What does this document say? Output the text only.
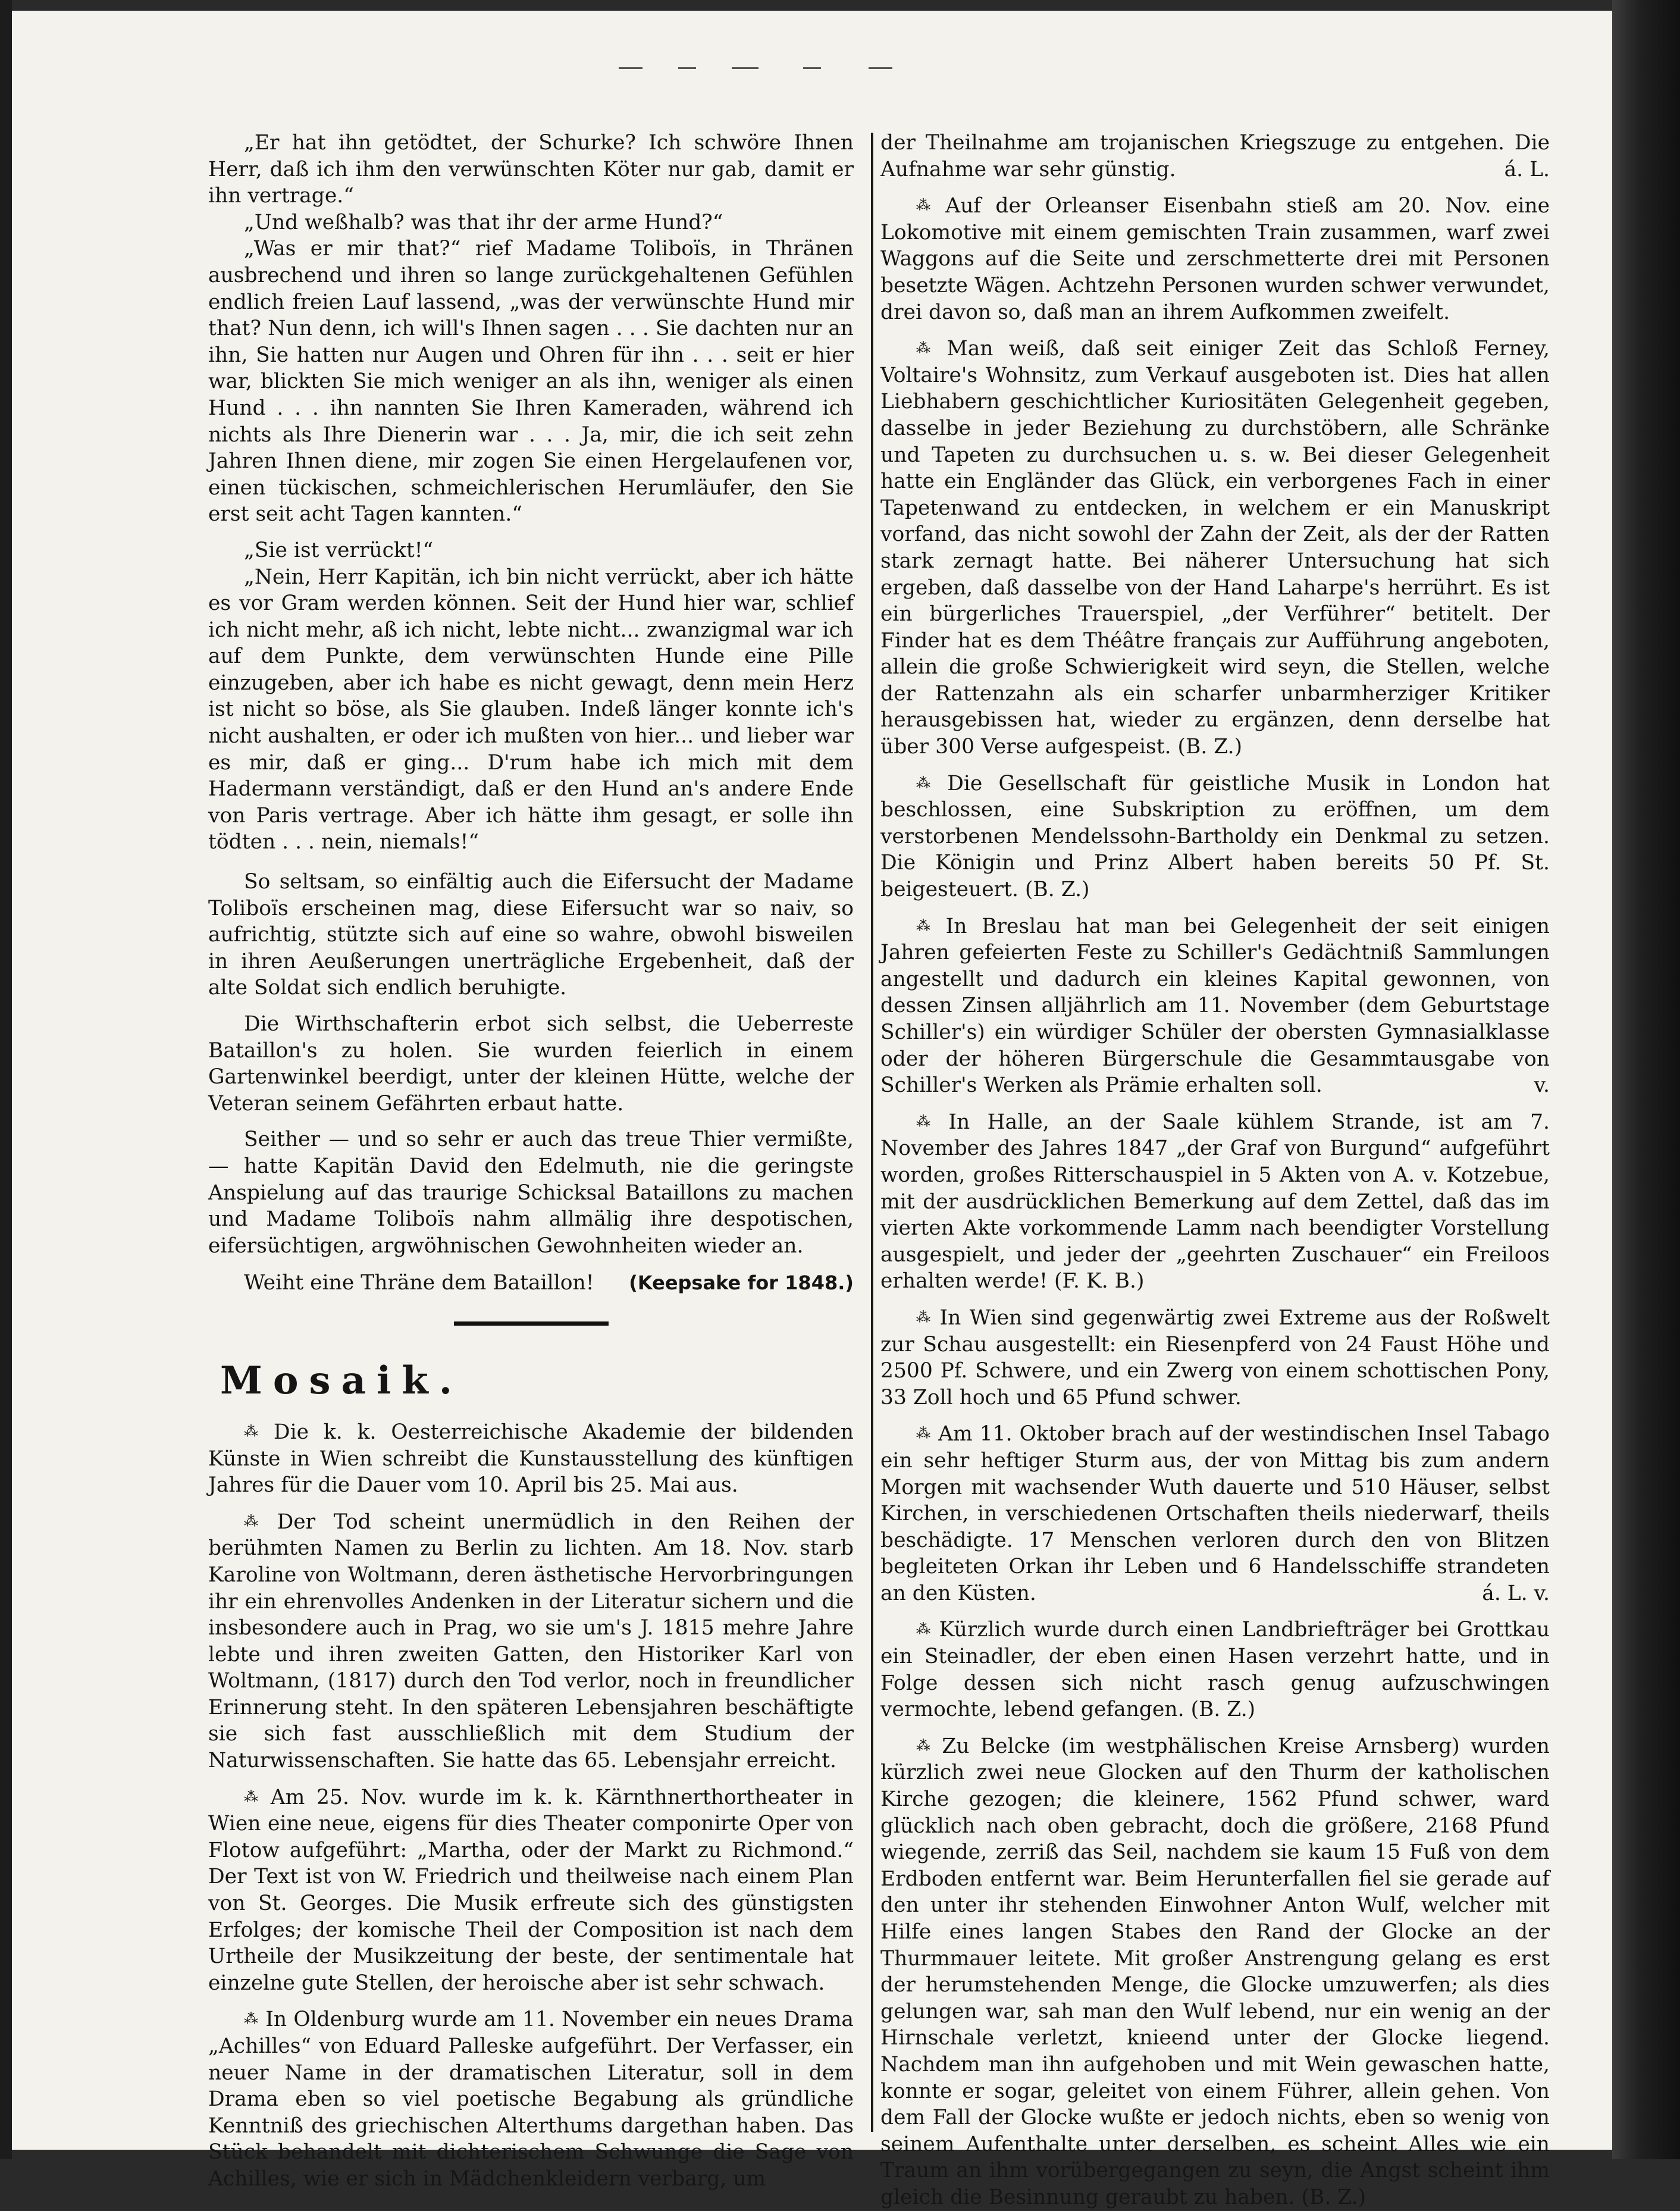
„Er hat ihn getödtet, der Schurke? Ich schwöre Ihnen Herr, daß ich ihm den verwünschten Köter nur gab, damit er ihn vertrage.“

„Und weßhalb? was that ihr der arme Hund?“

„Was er mir that?“ rief Madame Toliboïs, in Thränen ausbrechend und ihren so lange zurückgehaltenen Gefühlen endlich freien Lauf lassend, „was der verwünschte Hund mir that? Nun denn, ich will's Ihnen sagen . . . Sie dachten nur an ihn, Sie hatten nur Augen und Ohren für ihn . . . seit er hier war, blickten Sie mich weniger an als ihn, weniger als einen Hund . . . ihn nannten Sie Ihren Kameraden, während ich nichts als Ihre Dienerin war . . . Ja, mir, die ich seit zehn Jahren Ihnen diene, mir zogen Sie einen Hergelaufenen vor, einen tückischen, schmeichlerischen Herumläufer, den Sie erst seit acht Tagen kannten.“

„Sie ist verrückt!“

„Nein, Herr Kapitän, ich bin nicht verrückt, aber ich hätte es vor Gram werden können. Seit der Hund hier war, schlief ich nicht mehr, aß ich nicht, lebte nicht... zwanzigmal war ich auf dem Punkte, dem verwünschten Hunde eine Pille einzugeben, aber ich habe es nicht gewagt, denn mein Herz ist nicht so böse, als Sie glauben. Indeß länger konnte ich's nicht aushalten, er oder ich mußten von hier... und lieber war es mir, daß er ging... D'rum habe ich mich mit dem Hadermann verständigt, daß er den Hund an's andere Ende von Paris vertrage. Aber ich hätte ihm gesagt, er solle ihn tödten . . . nein, niemals!“

So seltsam, so einfältig auch die Eifersucht der Madame Toliboïs erscheinen mag, diese Eifersucht war so naiv, so aufrichtig, stützte sich auf eine so wahre, obwohl bisweilen in ihren Aeußerungen unerträgliche Ergebenheit, daß der alte Soldat sich endlich beruhigte.

Die Wirthschafterin erbot sich selbst, die Ueberreste Bataillon's zu holen. Sie wurden feierlich in einem Gartenwinkel beerdigt, unter der kleinen Hütte, welche der Veteran seinem Gefährten erbaut hatte.

Seither — und so sehr er auch das treue Thier vermißte, — hatte Kapitän David den Edelmuth, nie die geringste Anspielung auf das traurige Schicksal Bataillons zu machen und Madame Toliboïs nahm allmälig ihre despotischen, eifersüchtigen, argwöhnischen Gewohnheiten wieder an.

Weiht eine Thräne dem Bataillon! (Keepsake for 1848.)
Mosaik.

⁂ Die k. k. Oesterreichische Akademie der bildenden Künste in Wien schreibt die Kunstausstellung des künftigen Jahres für die Dauer vom 10. April bis 25. Mai aus.

⁂ Der Tod scheint unermüdlich in den Reihen der berühmten Namen zu Berlin zu lichten. Am 18. Nov. starb Karoline von Woltmann, deren ästhetische Hervorbringungen ihr ein ehrenvolles Andenken in der Literatur sichern und die insbesondere auch in Prag, wo sie um's J. 1815 mehre Jahre lebte und ihren zweiten Gatten, den Historiker Karl von Woltmann, (1817) durch den Tod verlor, noch in freundlicher Erinnerung steht. In den späteren Lebensjahren beschäftigte sie sich fast ausschließlich mit dem Studium der Naturwissenschaften. Sie hatte das 65. Lebensjahr erreicht.

⁂ Am 25. Nov. wurde im k. k. Kärnthnerthortheater in Wien eine neue, eigens für dies Theater componirte Oper von Flotow aufgeführt: „Martha, oder der Markt zu Richmond.“ Der Text ist von W. Friedrich und theilweise nach einem Plan von St. Georges. Die Musik erfreute sich des günstigsten Erfolges; der komische Theil der Composition ist nach dem Urtheile der Musikzeitung der beste, der sentimentale hat einzelne gute Stellen, der heroische aber ist sehr schwach.

⁂ In Oldenburg wurde am 11. November ein neues Drama „Achilles“ von Eduard Palleske aufgeführt. Der Verfasser, ein neuer Name in der dramatischen Literatur, soll in dem Drama eben so viel poetische Begabung als gründliche Kenntniß des griechischen Alterthums dargethan haben. Das Stück behandelt mit dichterischem Schwunge die Sage von Achilles, wie er sich in Mädchenkleidern verbarg, um

der Theilnahme am trojanischen Kriegszuge zu entgehen. Die Aufnahme war sehr günstig.	á. L.

⁂ Auf der Orleanser Eisenbahn stieß am 20. Nov. eine Lokomotive mit einem gemischten Train zusammen, warf zwei Waggons auf die Seite und zerschmetterte drei mit Personen besetzte Wägen. Achtzehn Personen wurden schwer verwundet, drei davon so, daß man an ihrem Aufkommen zweifelt.

⁂ Man weiß, daß seit einiger Zeit das Schloß Ferney, Voltaire's Wohnsitz, zum Verkauf ausgeboten ist. Dies hat allen Liebhabern geschichtlicher Kuriositäten Gelegenheit gegeben, dasselbe in jeder Beziehung zu durchstöbern, alle Schränke und Tapeten zu durchsuchen u. s. w. Bei dieser Gelegenheit hatte ein Engländer das Glück, ein verborgenes Fach in einer Tapetenwand zu entdecken, in welchem er ein Manuskript vorfand, das nicht sowohl der Zahn der Zeit, als der der Ratten stark zernagt hatte. Bei näherer Untersuchung hat sich ergeben, daß dasselbe von der Hand Laharpe's herrührt. Es ist ein bürgerliches Trauerspiel, „der Verführer“ betitelt. Der Finder hat es dem Théâtre français zur Aufführung angeboten, allein die große Schwierigkeit wird seyn, die Stellen, welche der Rattenzahn als ein scharfer unbarmherziger Kritiker herausgebissen hat, wieder zu ergänzen, denn derselbe hat über 300 Verse aufgespeist. (B. Z.)

⁂ Die Gesellschaft für geistliche Musik in London hat beschlossen, eine Subskription zu eröffnen, um dem verstorbenen Mendelssohn-Bartholdy ein Denkmal zu setzen. Die Königin und Prinz Albert haben bereits 50 Pf. St. beigesteuert. (B. Z.)

⁂ In Breslau hat man bei Gelegenheit der seit einigen Jahren gefeierten Feste zu Schiller's Gedächtniß Sammlungen angestellt und dadurch ein kleines Kapital gewonnen, von dessen Zinsen alljährlich am 11. November (dem Geburtstage Schiller's) ein würdiger Schüler der obersten Gymnasialklasse oder der höheren Bürgerschule die Gesammtausgabe von Schiller's Werken als Prämie erhalten soll.	v.

⁂ In Halle, an der Saale kühlem Strande, ist am 7. November des Jahres 1847 „der Graf von Burgund“ aufgeführt worden, großes Ritterschauspiel in 5 Akten von A. v. Kotzebue, mit der ausdrücklichen Bemerkung auf dem Zettel, daß das im vierten Akte vorkommende Lamm nach beendigter Vorstellung ausgespielt, und jeder der „geehrten Zuschauer“ ein Freiloos erhalten werde! (F. K. B.)

⁂ In Wien sind gegenwärtig zwei Extreme aus der Roßwelt zur Schau ausgestellt: ein Riesenpferd von 24 Faust Höhe und 2500 Pf. Schwere, und ein Zwerg von einem schottischen Pony, 33 Zoll hoch und 65 Pfund schwer.

⁂ Am 11. Oktober brach auf der westindischen Insel Tabago ein sehr heftiger Sturm aus, der von Mittag bis zum andern Morgen mit wachsender Wuth dauerte und 510 Häuser, selbst Kirchen, in verschiedenen Ortschaften theils niederwarf, theils beschädigte. 17 Menschen verloren durch den von Blitzen begleiteten Orkan ihr Leben und 6 Handelsschiffe strandeten an den Küsten.	á. L. v.

⁂ Kürzlich wurde durch einen Landbriefträger bei Grottkau ein Steinadler, der eben einen Hasen verzehrt hatte, und in Folge dessen sich nicht rasch genug aufzuschwingen vermochte, lebend gefangen. (B. Z.)

⁂ Zu Belcke (im westphälischen Kreise Arnsberg) wurden kürzlich zwei neue Glocken auf den Thurm der katholischen Kirche gezogen; die kleinere, 1562 Pfund schwer, ward glücklich nach oben gebracht, doch die größere, 2168 Pfund wiegende, zerriß das Seil, nachdem sie kaum 15 Fuß von dem Erdboden entfernt war. Beim Herunterfallen fiel sie gerade auf den unter ihr stehenden Einwohner Anton Wulf, welcher mit Hilfe eines langen Stabes den Rand der Glocke an der Thurmmauer leitete. Mit großer Anstrengung gelang es erst der herumstehenden Menge, die Glocke umzuwerfen; als dies gelungen war, sah man den Wulf lebend, nur ein wenig an der Hirnschale verletzt, knieend unter der Glocke liegend. Nachdem man ihn aufgehoben und mit Wein gewaschen hatte, konnte er sogar, geleitet von einem Führer, allein gehen. Von dem Fall der Glocke wußte er jedoch nichts, eben so wenig von seinem Aufenthalte unter derselben, es scheint Alles wie ein Traum an ihm vorübergegangen zu seyn, die Angst scheint ihm gleich die Besinnung geraubt zu haben. (B. Z.)
